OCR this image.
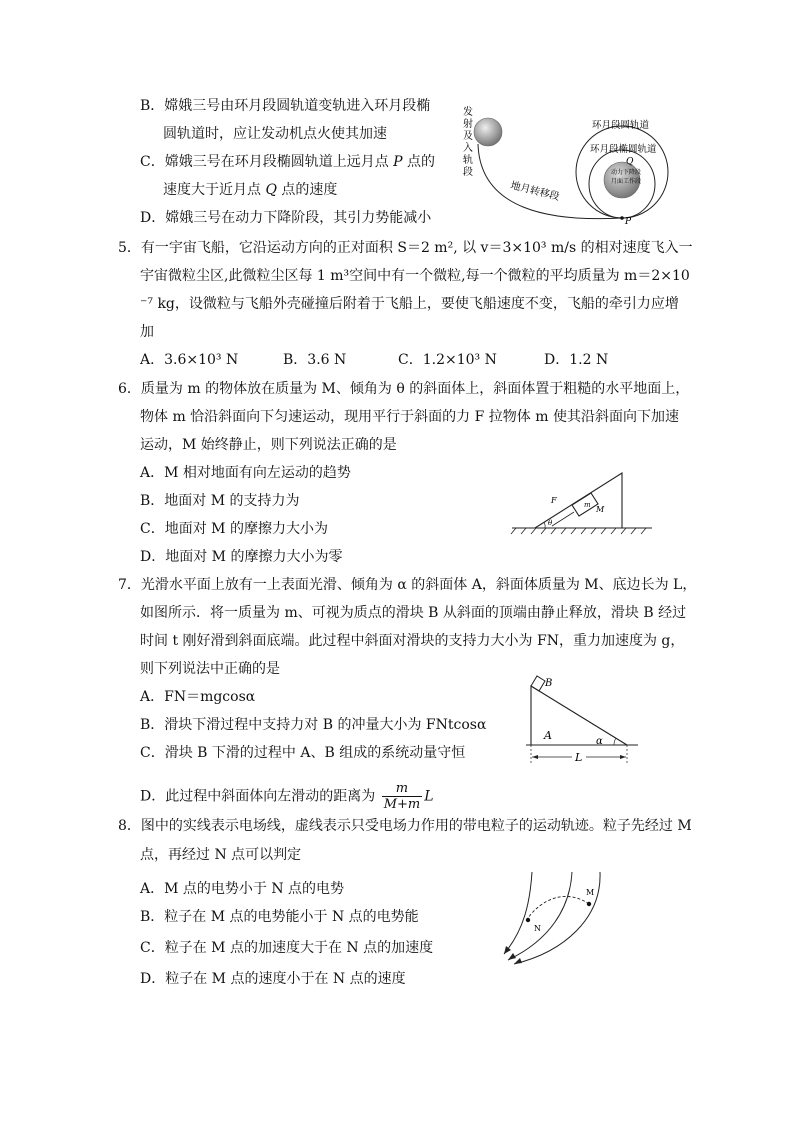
B．嫦娥三号由环月段圆轨道变轨进入环月段椭
圆轨道时，应让发动机点火使其加速
C．嫦娥三号在环月段椭圆轨道上远月点 P 点的
速度大于近月点 Q 点的速度
D．嫦娥三号在动力下降阶段，其引力势能减小
发
射
及
入
轨
段
地月转移段
环月段圆轨道
环月段椭圆轨道
Q
动力下降段
月面工作段
P
5．有一宇宙飞船，它沿运动方向的正对面积 S＝2 m², 以 v＝3×10³ m/s 的相对速度飞入一
宇宙微粒尘区,此微粒尘区每 1 m³空间中有一个微粒,每一个微粒的平均质量为 m＝2×10
⁻⁷ kg，设微粒与飞船外壳碰撞后附着于飞船上，要使飞船速度不变，飞船的牵引力应增
加
A．3.6×10³ N	B．3.6 N	C．1.2×10³ N	D．1.2 N
6．质量为 m 的物体放在质量为 M、倾角为 θ 的斜面体上，斜面体置于粗糙的水平地面上，
物体 m 恰沿斜面向下匀速运动，现用平行于斜面的力 F 拉物体 m 使其沿斜面向下加速
运动，M 始终静止，则下列说法正确的是
A．M 相对地面有向左运动的趋势
B．地面对 M 的支持力为
C．地面对 M 的摩擦力大小为
D．地面对 M 的摩擦力大小为零
m
F
M
θ
7．光滑水平面上放有一上表面光滑、倾角为 α 的斜面体 A，斜面体质量为 M、底边长为 L，
如图所示．将一质量为 m、可视为质点的滑块 B 从斜面的顶端由静止释放，滑块 B 经过
时间 t 刚好滑到斜面底端。此过程中斜面对滑块的支持力大小为 FN，重力加速度为 g，
则下列说法中正确的是
A．FN＝mgcosα
B．滑块下滑过程中支持力对 B 的冲量大小为 FNtcosα
C．滑块 B 下滑的过程中 A、B 组成的系统动量守恒
D．此过程中斜面体向左滑动的距离为 $\frac{m}{M+m}$ L
B
A	α
L
8．图中的实线表示电场线，虚线表示只受电场力作用的带电粒子的运动轨迹。粒子先经过 M
点，再经过 N 点可以判定
A．M 点的电势小于 N 点的电势
B．粒子在 M 点的电势能小于 N 点的电势能
C．粒子在 M 点的加速度大于在 N 点的加速度
D．粒子在 M 点的速度小于在 N 点的速度
M
N
